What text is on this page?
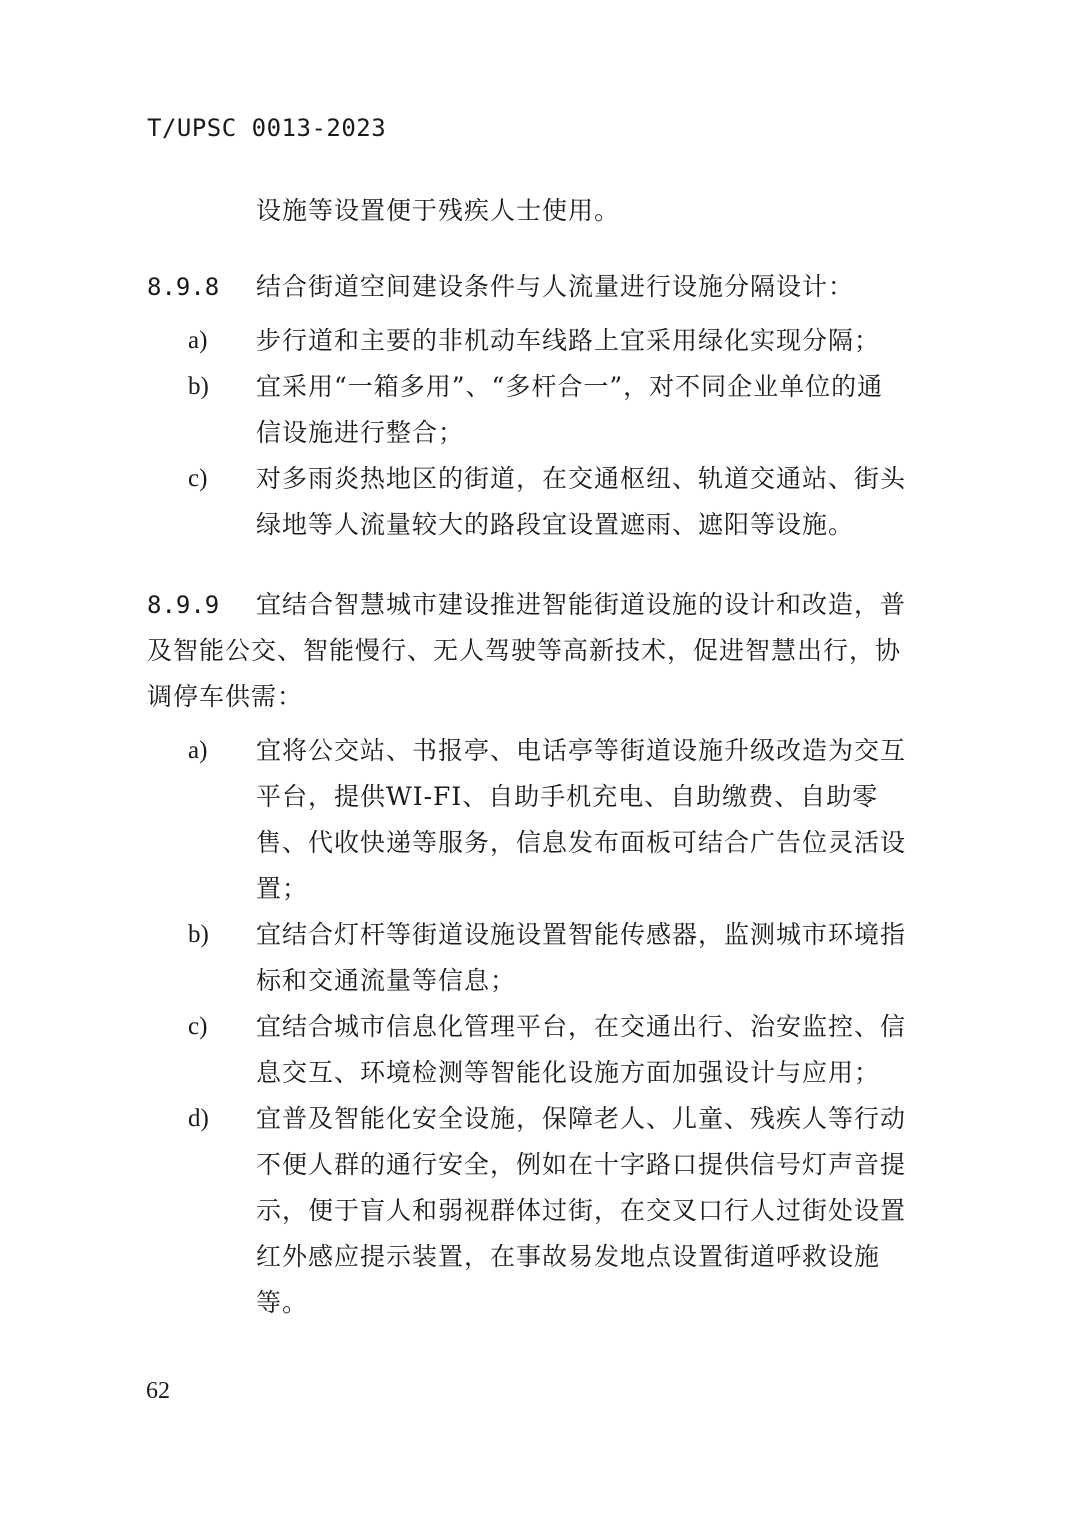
T/UPSC 0013-2023
设施等设置便于残疾人士使用。
8.9.8 结合街道空间建设条件与人流量进行设施分隔设计：
a) 步行道和主要的非机动车线路上宜采用绿化实现分隔；
b) 宜采用“一箱多用”、“多杆合一”，对不同企业单位的通
信设施进行整合；
c) 对多雨炎热地区的街道，在交通枢纽、轨道交通站、街头
绿地等人流量较大的路段宜设置遮雨、遮阳等设施。
8.9.9 宜结合智慧城市建设推进智能街道设施的设计和改造，普
及智能公交、智能慢行、无人驾驶等高新技术，促进智慧出行，协
调停车供需：
a) 宜将公交站、书报亭、电话亭等街道设施升级改造为交互
平台，提供WI-FI、自助手机充电、自助缴费、自助零
售、代收快递等服务，信息发布面板可结合广告位灵活设
置；
b) 宜结合灯杆等街道设施设置智能传感器，监测城市环境指
标和交通流量等信息；
c) 宜结合城市信息化管理平台，在交通出行、治安监控、信
息交互、环境检测等智能化设施方面加强设计与应用；
d) 宜普及智能化安全设施，保障老人、儿童、残疾人等行动
不便人群的通行安全，例如在十字路口提供信号灯声音提
示，便于盲人和弱视群体过街，在交叉口行人过街处设置
红外感应提示装置，在事故易发地点设置街道呼救设施
等。
62
